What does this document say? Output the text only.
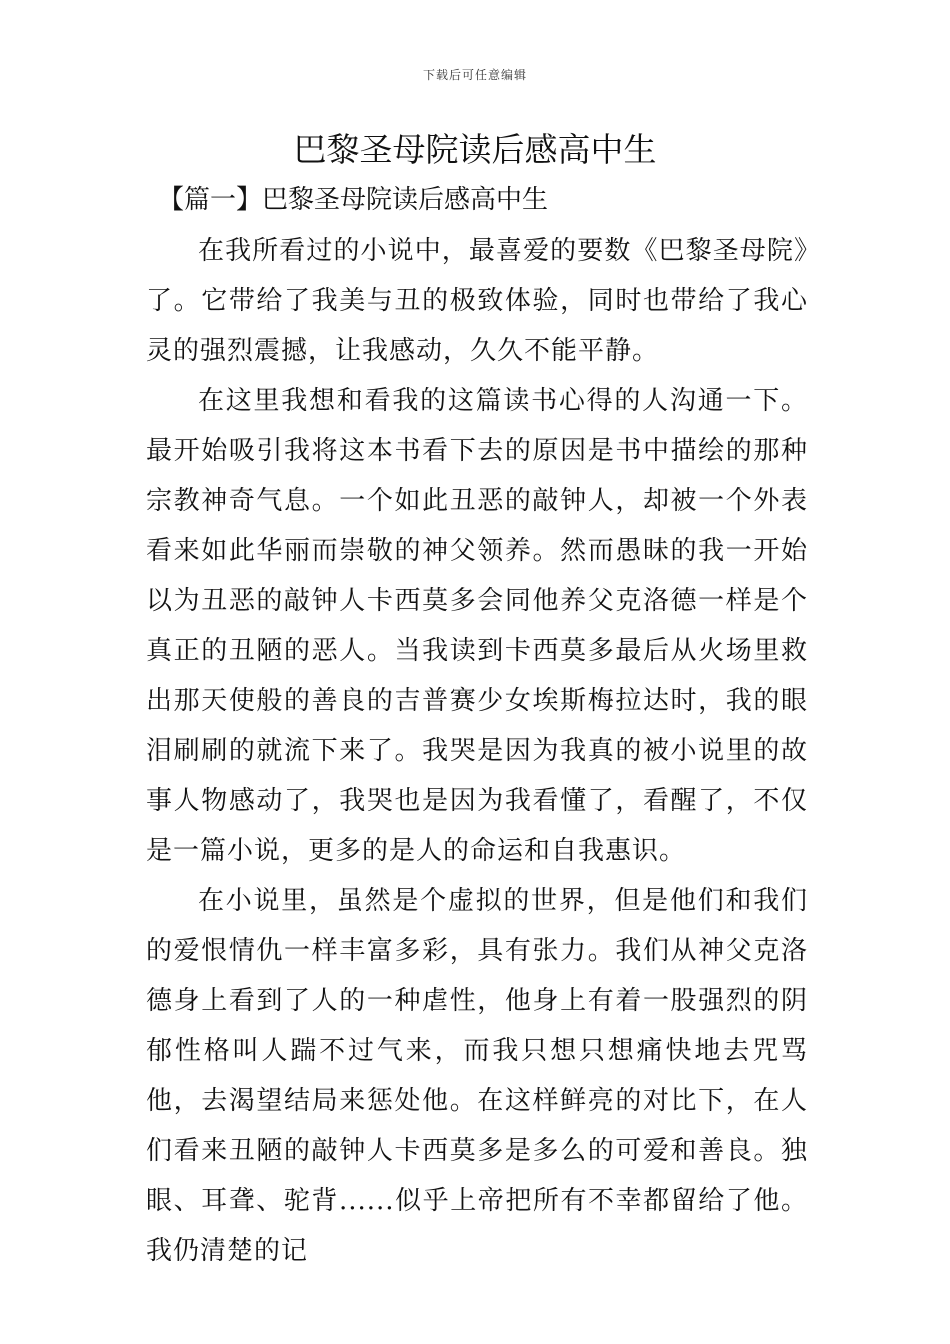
下载后可任意编辑
巴黎圣母院读后感高中生
【篇一】巴黎圣母院读后感高中生

在我所看过的小说中，最喜爱的要数《巴黎圣母院》了。它带给了我美与丑的极致体验，同时也带给了我心灵的强烈震撼，让我感动，久久不能平静。

在这里我想和看我的这篇读书心得的人沟通一下。最开始吸引我将这本书看下去的原因是书中描绘的那种宗教神奇气息。一个如此丑恶的敲钟人，却被一个外表看来如此华丽而崇敬的神父领养。然而愚昧的我一开始以为丑恶的敲钟人卡西莫多会同他养父克洛德一样是个真正的丑陋的恶人。当我读到卡西莫多最后从火场里救出那天使般的善良的吉普赛少女埃斯梅拉达时，我的眼泪刷刷的就流下来了。我哭是因为我真的被小说里的故事人物感动了，我哭也是因为我看懂了，看醒了，不仅是一篇小说，更多的是人的命运和自我惠识。

在小说里，虽然是个虚拟的世界，但是他们和我们的爱恨情仇一样丰富多彩，具有张力。我们从神父克洛德身上看到了人的一种虐性，他身上有着一股强烈的阴郁性格叫人踹不过气来，而我只想只想痛快地去咒骂他，去渴望结局来惩处他。在这样鲜亮的对比下，在人们看来丑陋的敲钟人卡西莫多是多么的可爱和善良。独眼、耳聋、驼背......似乎上帝把所有不幸都留给了他。我仍清楚的记
